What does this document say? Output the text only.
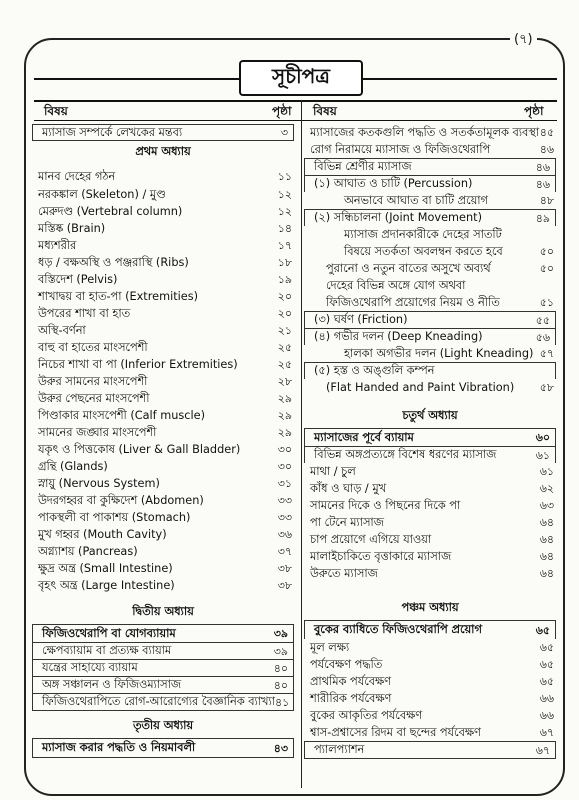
(৭)
সূচীপত্র
বিষয়	পৃষ্ঠা বিষয়	পৃষ্ঠা
ম্যাসাজ সম্পর্কে লেখকের মন্তব্য	৩
প্রথম অধ্যায়
মানব দেহের গঠন	১১
নরকঙ্কাল (Skeleton) / মুণ্ড	১২
মেরুদণ্ড (Vertebral column)	১২
মস্তিষ্ক (Brain)	১৪
মধ্যশরীর	১৭
ধড় / বক্ষঅস্থি ও পঞ্জরাস্থি (Ribs)	১৮
বস্তিদেশ (Pelvis)	১৯
শাখাদ্বয় বা হাত-পা (Extremities)	২০
উপরের শাখা বা হাত	২০
অস্থি-বর্ণনা	২১
বাহু বা হাতের মাংসপেশী	২৫
নিচের শাখা বা পা (Inferior Extremities)	২৫
উরুর সামনের মাংসপেশী	২৮
উরুর পেছনের মাংসপেশী	২৯
পিণ্ডাকার মাংসপেশী (Calf muscle)	২৯
সামনের জঙ্ঘার মাংসপেশী	২৯
যকৃৎ ও পিত্তকোষ (Liver & Gall Bladder)	৩০
গ্রন্থি (Glands)	৩০
স্নায়ু (Nervous System)	৩১
উদরগহ্বর বা কুক্ষিদেশ (Abdomen)	৩৩
পাকস্থলী বা পাকাশয় (Stomach)	৩৩
মুখ গহ্বর (Mouth Cavity)	৩৬
অগ্ন্যাশয় (Pancreas)	৩৭
ক্ষুদ্র অন্ত্র (Small Intestine)	৩৮
বৃহৎ অন্ত্র (Large Intestine)	৩৮
দ্বিতীয় অধ্যায়
ফিজিওথেরাপি বা যোগব্যায়াম	৩৯
ক্ষেপব্যায়াম বা প্রত্যক্ষ ব্যায়াম	৩৯
যন্ত্রের সাহায্যে ব্যায়াম	৪০
অঙ্গ সঞ্চালন ও ফিজিওম্যাসাজ	৪০
ফিজিওথেরাপিতে রোগ-আরোগ্যের বৈজ্ঞানিক ব্যাখ্যা ৪১
তৃতীয় অধ্যায়
ম্যাসাজ করার পদ্ধতি ও নিয়মাবলী	৪৩
ম্যাসাজের কতকগুলি পদ্ধতি ও সতর্কতামূলক ব্যবস্থা ৪৫
রোগ নিরাময়ে ম্যাসাজ ও ফিজিওথেরাপি	৪৬
বিভিন্ন শ্রেণীর ম্যাসাজ	৪৬
(১) আঘাত ও চাটি (Percussion)	৪৬
অনভাবে আঘাত বা চাটি প্রয়োগ	৪৮
(২) সন্ধিচালনা (Joint Movement)	৪৯
ম্যাসাজ প্রদানকারীকে দেহের সাতটি
বিষয়ে সতর্কতা অবলম্বন করতে হবে	৫০
পুরানো ও নতুন বাতের অসুখে অব্যর্থ	৫০
দেহের বিভিন্ন অঙ্গে যোগ অথবা
ফিজিওথেরাপি প্রয়োগের নিয়ম ও নীতি	৫১
(৩) ঘর্ষণ (Friction)	৫৫
(৪) গভীর দলন (Deep Kneading)	৫৬
হালকা অগভীর দলন (Light Kneading) ৫৭
(৫) হস্ত ও অঙ্গুলি কম্পন
(Flat Handed and Paint Vibration) ৫৮
চতুর্থ অধ্যায়
ম্যাসাজের পূর্বে ব্যায়াম	৬০
বিভিন্ন অঙ্গপ্রত্যঙ্গে বিশেষ ধরণের ম্যাসাজ	৬১
মাথা / চুল	৬১
কাঁধ ও ঘাড় / মুখ	৬২
সামনের দিকে ও পিছনের দিকে পা	৬৩
পা টেনে ম্যাসাজ	৬৪
চাপ প্রয়োগে এগিয়ে যাওয়া	৬৪
মালাইচাকিতে বৃত্তাকারে ম্যাসাজ	৬৪
উরুতে ম্যাসাজ	৬৪
পঞ্চম অধ্যায়
বুকের ব্যাধিতে ফিজিওথেরাপি প্রয়োগ	৬৫
মূল লক্ষ্য	৬৫
পর্যবেক্ষণ পদ্ধতি	৬৫
প্রাথমিক পর্যবেক্ষণ	৬৫
শারীরিক পর্যবেক্ষণ	৬৬
বুকের আকৃতির পর্যবেক্ষণ	৬৬
শ্বাস-প্রশ্বাসের রিদম বা ছন্দের পর্যবেক্ষণ	৬৭
প্যালপ্যাশন	৬৭
